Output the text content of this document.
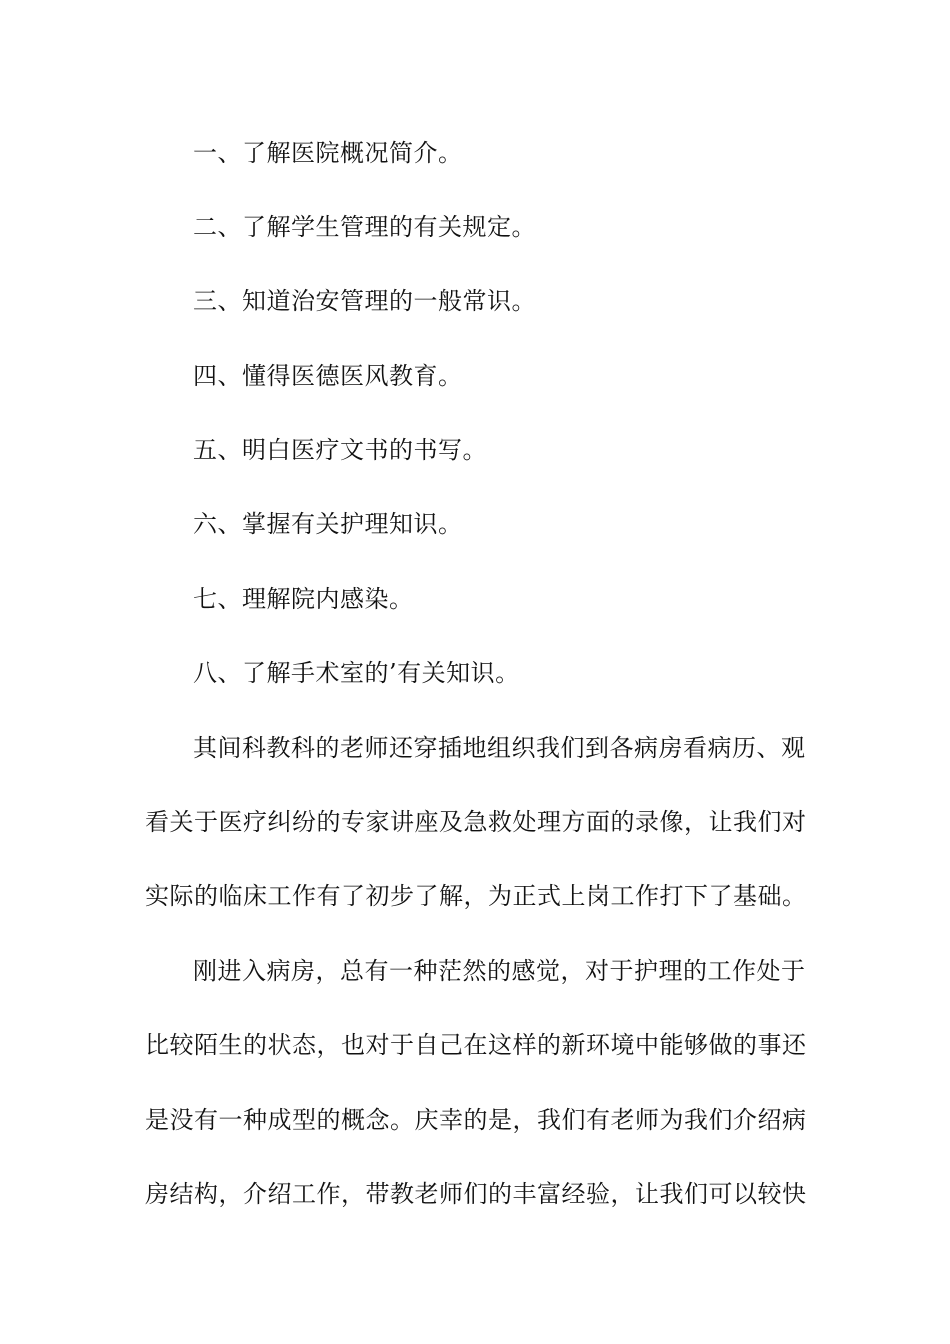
一、了解医院概况简介。
二、了解学生管理的有关规定。
三、知道治安管理的一般常识。
四、懂得医德医风教育。
五、明白医疗文书的书写。
六、掌握有关护理知识。
七、理解院内感染。
八、了解手术室的’有关知识。
其间科教科的老师还穿插地组织我们到各病房看病历、观
看关于医疗纠纷的专家讲座及急救处理方面的录像，让我们对
实际的临床工作有了初步了解，为正式上岗工作打下了基础。
刚进入病房，总有一种茫然的感觉，对于护理的工作处于
比较陌生的状态，也对于自己在这样的新环境中能够做的事还
是没有一种成型的概念。庆幸的是，我们有老师为我们介绍病
房结构，介绍工作，带教老师们的丰富经验，让我们可以较快
